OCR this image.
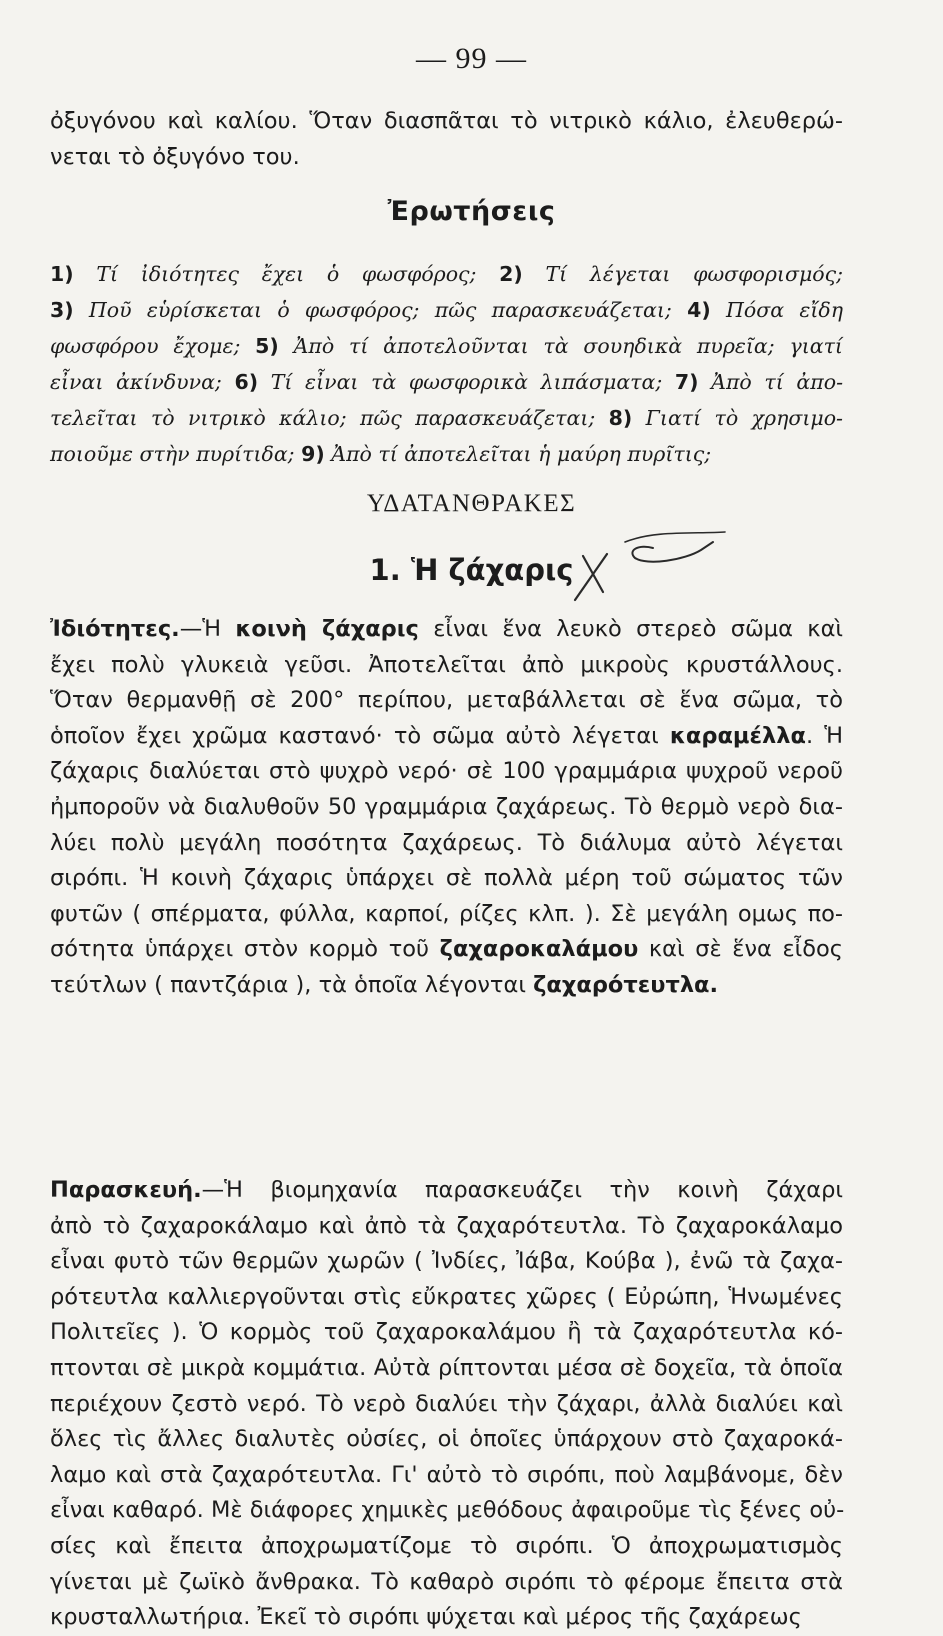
— 99 —
ὀξυγόνου καὶ καλίου. Ὅταν διασπᾶται τὸ νιτρικὸ κάλιο, ἐλευθερώ-
νεται τὸ ὀξυγόνο του.
Ἐρωτήσεις
1) Τί ἰδιότητες ἔχει ὁ φωσφόρος; 2) Τί λέγεται φωσφορισμός;
3) Ποῦ εὑρίσκεται ὁ φωσφόρος; πῶς παρασκευάζεται; 4) Πόσα εἴδη
φωσφόρου ἔχομε; 5) Ἀπὸ τί ἀποτελοῦνται τὰ σουηδικὰ πυρεῖα; γιατί
εἶναι ἀκίνδυνα; 6) Τί εἶναι τὰ φωσφορικὰ λιπάσματα; 7) Ἀπὸ τί ἀπο-
τελεῖται τὸ νιτρικὸ κάλιο; πῶς παρασκευάζεται; 8) Γιατί τὸ χρησιμο-
ποιοῦμε στὴν πυρίτιδα; 9) Ἀπὸ τί ἀποτελεῖται ἡ μαύρη πυρῖτις;
ΥΔΑΤΑΝΘΡΑΚΕΣ
1. Ἡ ζάχαρις
Ἰδιότητες.—Ἡ κοινὴ ζάχαρις εἶναι ἕνα λευκὸ στερεὸ σῶμα καὶ
ἔχει πολὺ γλυκειὰ γεῦσι. Ἀποτελεῖται ἀπὸ μικροὺς κρυστάλλους.
Ὅταν θερμανθῇ σὲ 200° περίπου, μεταβάλλεται σὲ ἕνα σῶμα, τὸ
ὁποῖον ἔχει χρῶμα καστανό· τὸ σῶμα αὐτὸ λέγεται καραμέλλα. Ἡ
ζάχαρις διαλύεται στὸ ψυχρὸ νερό· σὲ 100 γραμμάρια ψυχροῦ νεροῦ
ἠμποροῦν νὰ διαλυθοῦν 50 γραμμάρια ζαχάρεως. Τὸ θερμὸ νερὸ δια-
λύει πολὺ μεγάλη ποσότητα ζαχάρεως. Τὸ διάλυμα αὐτὸ λέγεται
σιρόπι. Ἡ κοινὴ ζάχαρις ὑπάρχει σὲ πολλὰ μέρη τοῦ σώματος τῶν
φυτῶν ( σπέρματα, φύλλα, καρποί, ρίζες κλπ. ). Σὲ μεγάλη ομως πο-
σότητα ὑπάρχει στὸν κορμὸ τοῦ ζαχαροκαλάμου καὶ σὲ ἕνα εἶδος
τεύτλων ( παντζάρια ), τὰ ὁποῖα λέγονται ζαχαρότευτλα.
Παρασκευή.—Ἡ βιομηχανία παρασκευάζει τὴν κοινὴ ζάχαρι
ἀπὸ τὸ ζαχαροκάλαμο καὶ ἀπὸ τὰ ζαχαρότευτλα. Τὸ ζαχαροκάλαμο
εἶναι φυτὸ τῶν θερμῶν χωρῶν ( Ἰνδίες, Ἰάβα, Κούβα ), ἐνῶ τὰ ζαχα-
ρότευτλα καλλιεργοῦνται στὶς εὔκρατες χῶρες ( Εὐρώπη, Ἡνωμένες
Πολιτεῖες ). Ὁ κορμὸς τοῦ ζαχαροκαλάμου ἢ τὰ ζαχαρότευτλα κό-
πτονται σὲ μικρὰ κομμάτια. Αὐτὰ ρίπτονται μέσα σὲ δοχεῖα, τὰ ὁποῖα
περιέχουν ζεστὸ νερό. Τὸ νερὸ διαλύει τὴν ζάχαρι, ἀλλὰ διαλύει καὶ
ὅλες τὶς ἄλλες διαλυτὲς οὐσίες, οἱ ὁποῖες ὑπάρχουν στὸ ζαχαροκά-
λαμο καὶ στὰ ζαχαρότευτλα. Γι' αὐτὸ τὸ σιρόπι, ποὺ λαμβάνομε, δὲν
εἶναι καθαρό. Μὲ διάφορες χημικὲς μεθόδους ἀφαιροῦμε τὶς ξένες οὐ-
σίες καὶ ἔπειτα ἀποχρωματίζομε τὸ σιρόπι. Ὁ ἀποχρωματισμὸς
γίνεται μὲ ζωϊκὸ ἄνθρακα. Τὸ καθαρὸ σιρόπι τὸ φέρομε ἔπειτα στὰ
κρυσταλλωτήρια. Ἐκεῖ τὸ σιρόπι ψύχεται καὶ μέρος τῆς ζαχάρεως
